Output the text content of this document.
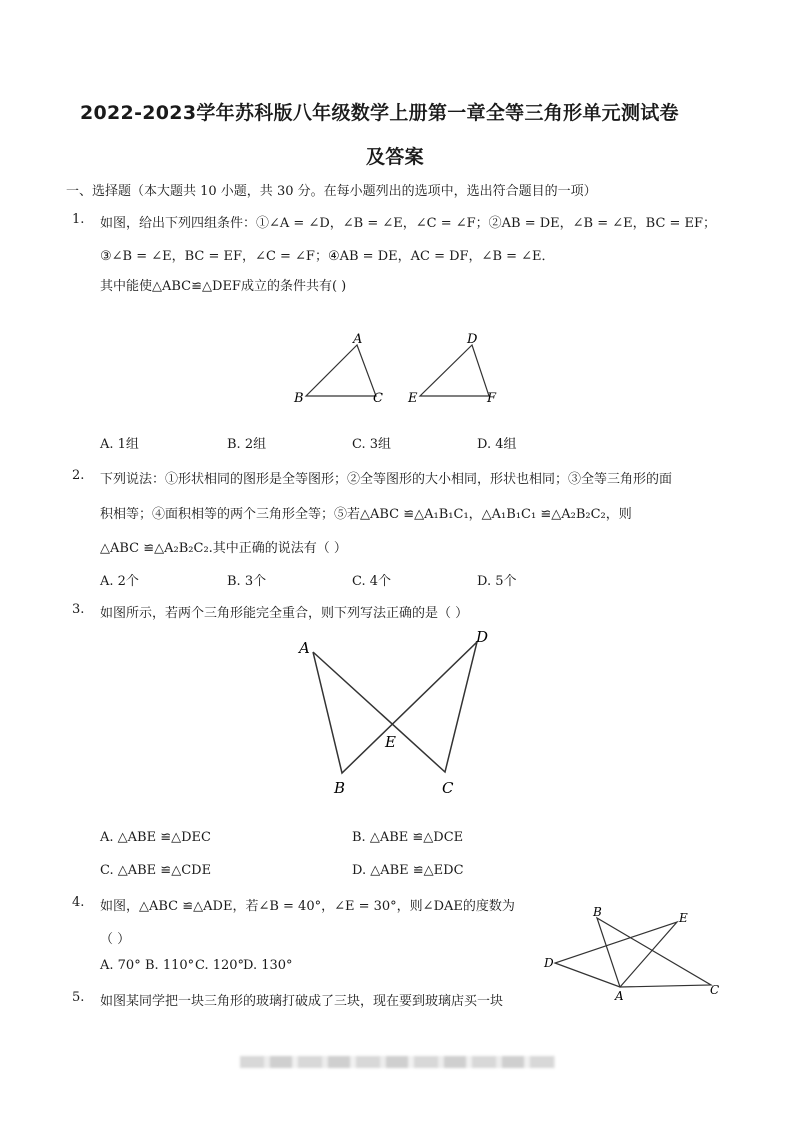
2022-2023学年苏科版八年级数学上册第一章全等三角形单元测试卷
及答案
一、选择题（本大题共 10 小题，共 30 分。在每小题列出的选项中，选出符合题目的一项）
1. 如图，给出下列四组条件：①∠A = ∠D，∠B = ∠E，∠C = ∠F；②AB = DE，∠B = ∠E，BC = EF；
③∠B = ∠E，BC = EF，∠C = ∠F；④AB = DE，AC = DF，∠B = ∠E．
其中能使△ABC≌△DEF成立的条件共有( )
A
B	C
D
E	F
A. 1组	B. 2组	C. 3组	D. 4组
2. 下列说法：①形状相同的图形是全等图形；②全等图形的大小相同，形状也相同；③全等三角形的面
积相等；④面积相等的两个三角形全等；⑤若△ABC ≌△A₁B₁C₁，△A₁B₁C₁ ≌△A₂B₂C₂，则
△ABC ≌△A₂B₂C₂.其中正确的说法有（ ）
A. 2个	B. 3个	C. 4个	D. 5个
3. 如图所示，若两个三角形能完全重合，则下列写法正确的是（ ）
A
D
E
B	C
A. △ABE ≌△DEC	B. △ABE ≌△DCE
C. △ABE ≌△CDE	D. △ABE ≌△EDC
4. 如图，△ABC ≌△ADE，若∠B = 40°，∠E = 30°，则∠DAE的度数为
（ ）
A. 70° B. 110° C. 120°
D. 130°
B	E
D
A	C
5. 如图某同学把一块三角形的玻璃打破成了三块，现在要到玻璃店买一块
